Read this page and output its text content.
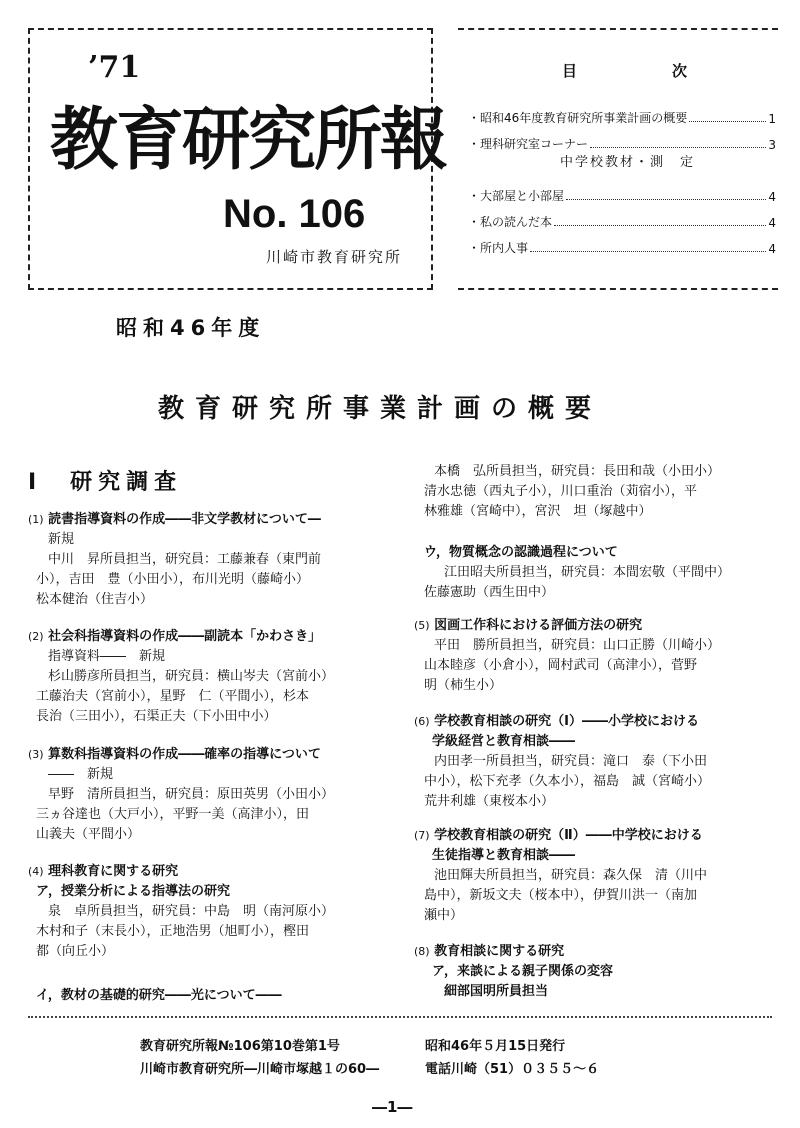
’71
教育研究所報
No. 106
川崎市教育研究所
目　次
・昭和46年度教育研究所事業計画の概要	1
・理科研究室コーナー	3
・大部屋と小部屋	4
・私の読んだ本	4
・所内人事	4
中学校教材・測　定
昭和46年度
教育研究所事業計画の概要
Ⅰ　研究調査
(1) 読書指導資料の作成――非文学教材について―
新規
中川　昇所員担当，研究員：工藤兼春（東門前
小），吉田　豊（小田小），布川光明（藤崎小）
松本健治（住吉小）
(2) 社会科指導資料の作成――副読本「かわさき」
指導資料――　新規
杉山勝彦所員担当，研究員：横山岑夫（宮前小）
工藤治夫（宮前小），星野　仁（平間小），杉本
長治（三田小），石渠正夫（下小田中小）
(3) 算数科指導資料の作成――確率の指導について
――　新規
早野　清所員担当，研究員：原田英男（小田小）
三ヵ谷達也（大戸小），平野一美（高津小），田
山義夫（平間小）
(4) 理科教育に関する研究
ア，授業分析による指導法の研究
泉　卓所員担当，研究員：中島　明（南河原小）
木村和子（末長小），正地浩男（旭町小），樫田
都（向丘小）
イ，教材の基礎的研究――光について――
本橋　弘所員担当，研究員：長田和哉（小田小）
清水忠徳（西丸子小），川口重治（苅宿小），平
林雅雄（宮崎中），宮沢　坦（塚越中）
ウ，物質概念の認識過程について
江田昭夫所員担当，研究員：本間宏敬（平間中）
佐藤憲助（西生田中）
(5) 図画工作科における評価方法の研究
平田　勝所員担当，研究員：山口正勝（川崎小）
山本睦彦（小倉小），岡村武司（高津小），菅野
明（柿生小）
(6) 学校教育相談の研究（Ⅰ）――小学校における
学級経営と教育相談――
内田孝一所員担当，研究員：滝口　泰（下小田
中小），松下充孝（久本小），福島　誠（宮崎小）
荒井利雄（東桜本小）
(7) 学校教育相談の研究（Ⅱ）――中学校における
生徒指導と教育相談――
池田輝夫所員担当，研究員：森久保　清（川中
島中），新坂文夫（桜本中），伊賀川洪一（南加
瀬中）
(8) 教育相談に関する研究
ア，来談による親子関係の変容
細部国明所員担当
教育研究所報№106第10巻第1号	昭和46年５月15日発行
川崎市教育研究所―川崎市塚越１の60―	電話川崎（51）０３５５～６
―1―
